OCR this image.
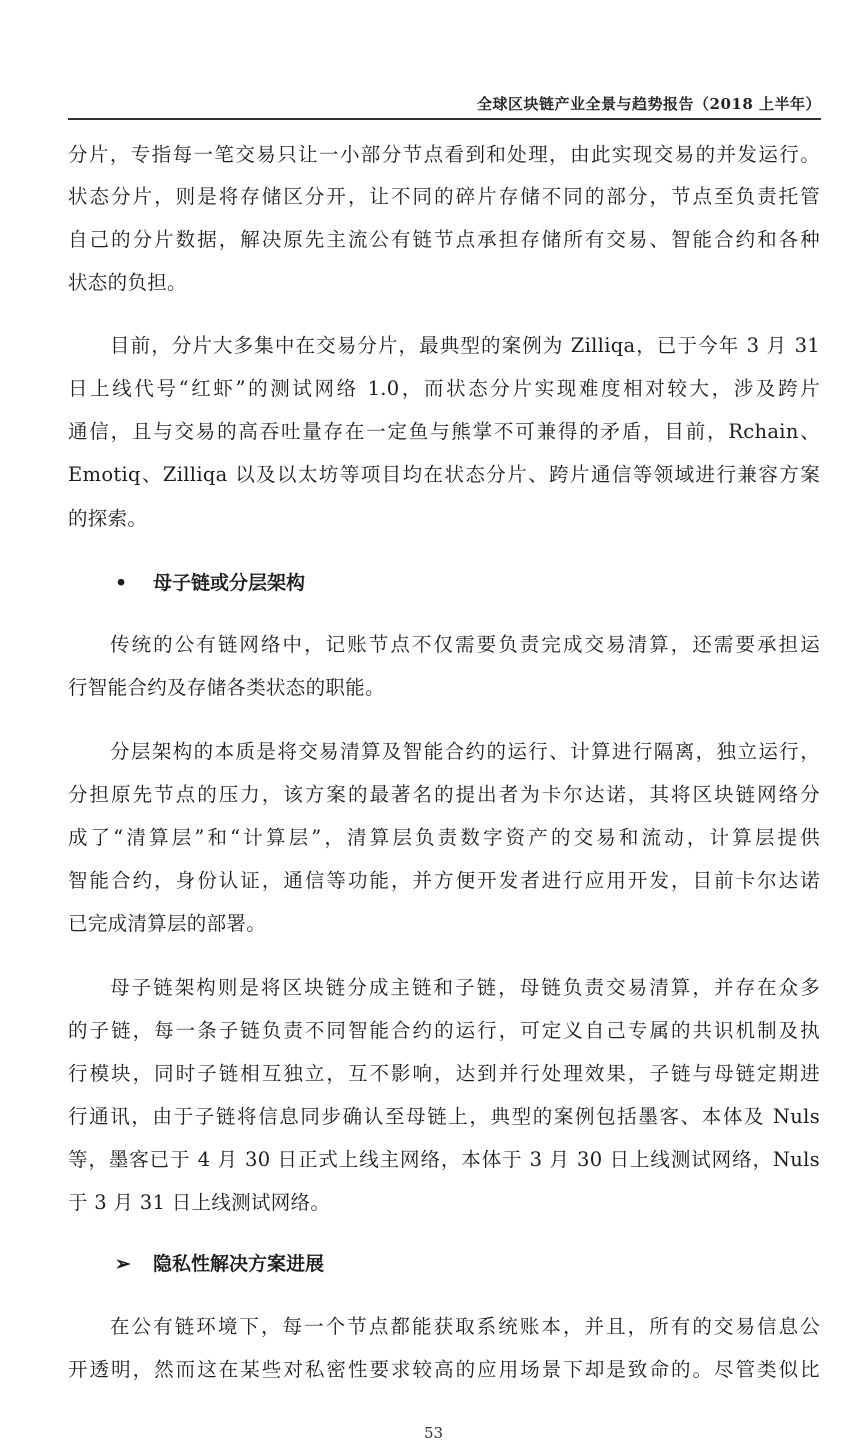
全球区块链产业全景与趋势报告（2018 上半年）
分片，专指每一笔交易只让一小部分节点看到和处理，由此实现交易的并发运行。
状态分片，则是将存储区分开，让不同的碎片存储不同的部分，节点至负责托管
自己的分片数据，解决原先主流公有链节点承担存储所有交易、智能合约和各种
状态的负担。
目前，分片大多集中在交易分片，最典型的案例为 Zilliqa，已于今年 3 月 31
日上线代号“红虾”的测试网络 1.0，而状态分片实现难度相对较大，涉及跨片
通信，且与交易的高吞吐量存在一定鱼与熊掌不可兼得的矛盾，目前，Rchain、
Emotiq、Zilliqa 以及以太坊等项目均在状态分片、跨片通信等领域进行兼容方案
的探索。
• 母子链或分层架构
传统的公有链网络中，记账节点不仅需要负责完成交易清算，还需要承担运
行智能合约及存储各类状态的职能。
分层架构的本质是将交易清算及智能合约的运行、计算进行隔离，独立运行，
分担原先节点的压力，该方案的最著名的提出者为卡尔达诺，其将区块链网络分
成了“清算层”和“计算层”，清算层负责数字资产的交易和流动，计算层提供
智能合约，身份认证，通信等功能，并方便开发者进行应用开发，目前卡尔达诺
已完成清算层的部署。
母子链架构则是将区块链分成主链和子链，母链负责交易清算，并存在众多
的子链，每一条子链负责不同智能合约的运行，可定义自己专属的共识机制及执
行模块，同时子链相互独立，互不影响，达到并行处理效果，子链与母链定期进
行通讯，由于子链将信息同步确认至母链上，典型的案例包括墨客、本体及 Nuls
等，墨客已于 4 月 30 日正式上线主网络，本体于 3 月 30 日上线测试网络，Nuls
于 3 月 31 日上线测试网络。
➢ 隐私性解决方案进展
在公有链环境下，每一个节点都能获取系统账本，并且，所有的交易信息公
开透明，然而这在某些对私密性要求较高的应用场景下却是致命的。尽管类似比
53
